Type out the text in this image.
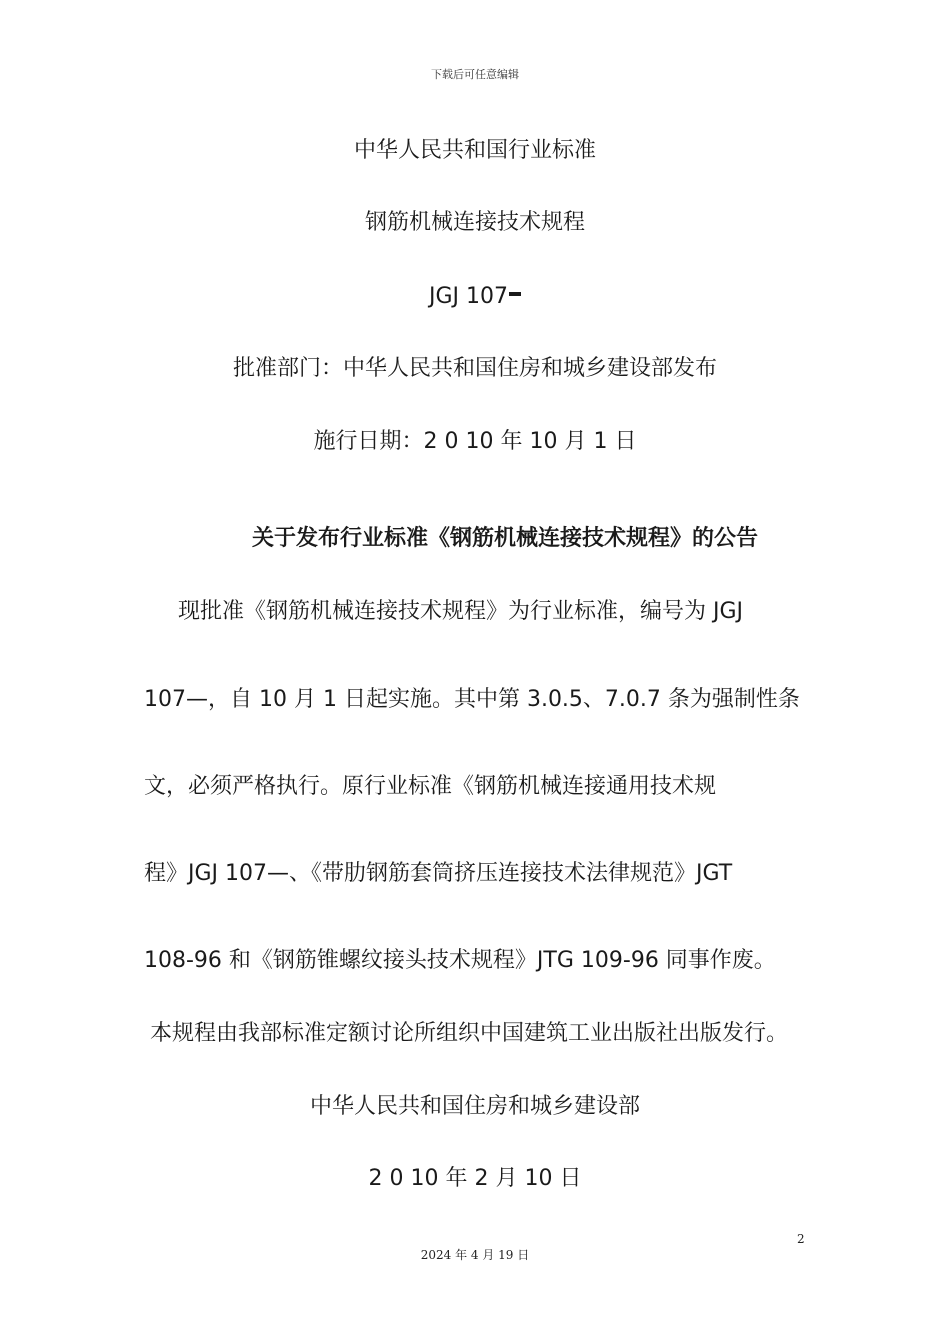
下载后可任意编辑
中华人民共和国行业标准
钢筋机械连接技术规程
JGJ 107
批准部门：中华人民共和国住房和城乡建设部发布
施行日期：2 0 10 年 10 月 1 日
关于发布行业标准《钢筋机械连接技术规程》的公告
现批准《钢筋机械连接技术规程》为行业标准，编号为 JGJ
107—，自 10 月 1 日起实施。其中第 3.0.5、7.0.7 条为强制性条
文，必须严格执行。原行业标准《钢筋机械连接通用技术规
程》JGJ 107—、《带肋钢筋套筒挤压连接技术法律规范》JGT
108-96 和《钢筋锥螺纹接头技术规程》JTG 109-96 同事作废。
本规程由我部标准定额讨论所组织中国建筑工业出版社出版发行。
中华人民共和国住房和城乡建设部
2 0 10 年 2 月 10 日
2
2024 年 4 月 19 日
